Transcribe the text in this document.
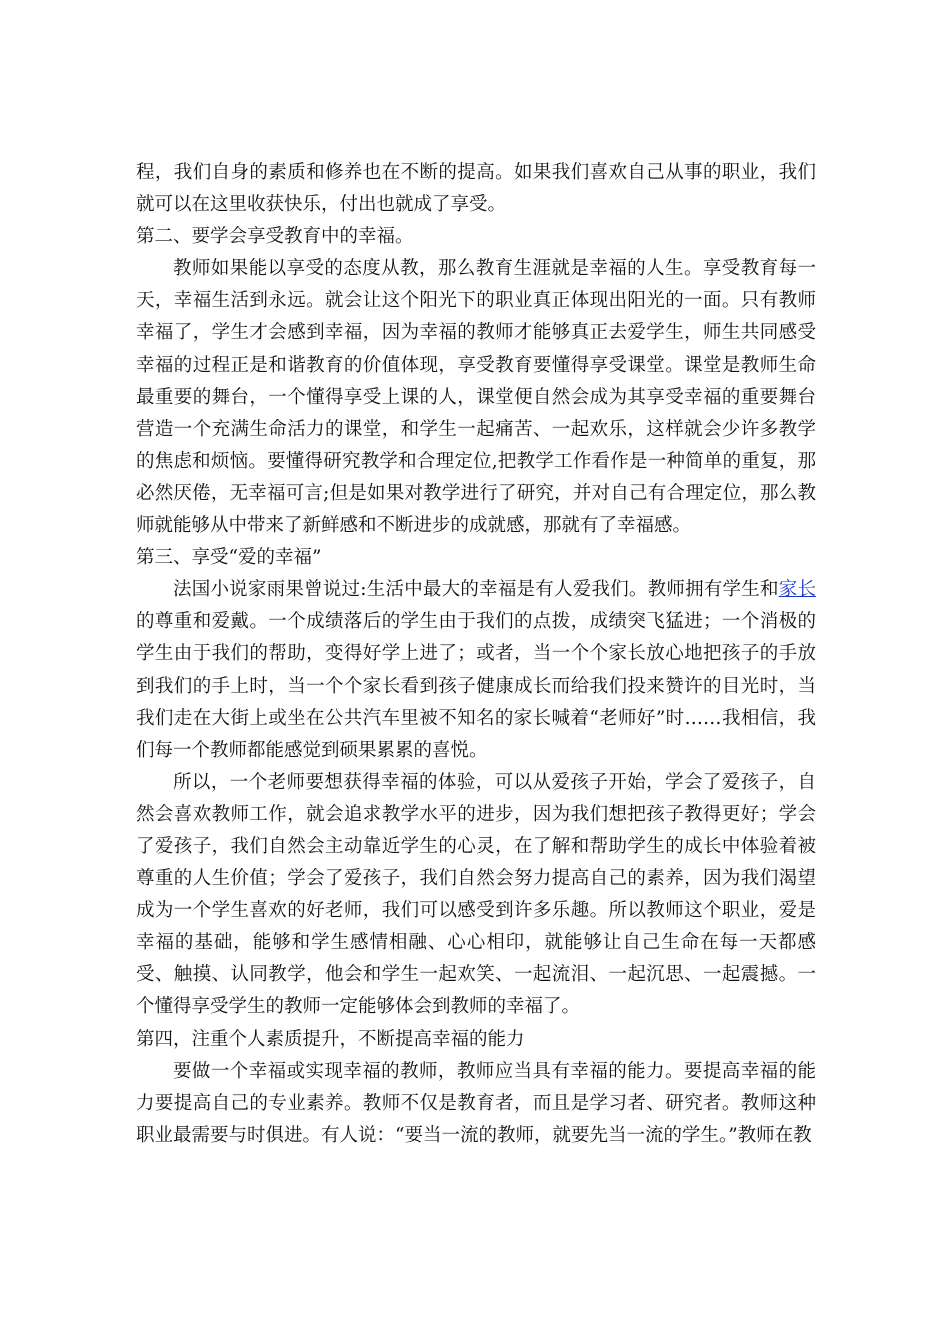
程，我们自身的素质和修养也在不断的提高。如果我们喜欢自己从事的职业，我们就可以在这里收获快乐，付出也就成了享受。

第二、要学会享受教育中的幸福。

教师如果能以享受的态度从教，那么教育生涯就是幸福的人生。享受教育每一天，幸福生活到永远。就会让这个阳光下的职业真正体现出阳光的一面。只有教师幸福了，学生才会感到幸福，因为幸福的教师才能够真正去爱学生，师生共同感受幸福的过程正是和谐教育的价值体现，享受教育要懂得享受课堂。课堂是教师生命最重要的舞台，一个懂得享受上课的人，课堂便自然会成为其享受幸福的重要舞台营造一个充满生命活力的课堂，和学生一起痛苦、一起欢乐，这样就会少许多教学的焦虑和烦恼。要懂得研究教学和合理定位,把教学工作看作是一种简单的重复，那必然厌倦，无幸福可言;但是如果对教学进行了研究，并对自己有合理定位，那么教师就能够从中带来了新鲜感和不断进步的成就感，那就有了幸福感。

第三、享受“爱的幸福”

法国小说家雨果曾说过:生活中最大的幸福是有人爱我们。教师拥有学生和家长的尊重和爱戴。一个成绩落后的学生由于我们的点拨，成绩突飞猛进；一个消极的学生由于我们的帮助，变得好学上进了；或者，当一个个家长放心地把孩子的手放到我们的手上时，当一个个家长看到孩子健康成长而给我们投来赞许的目光时，当我们走在大街上或坐在公共汽车里被不知名的家长喊着“老师好”时……我相信，我们每一个教师都能感觉到硕果累累的喜悦。

所以，一个老师要想获得幸福的体验，可以从爱孩子开始，学会了爱孩子，自然会喜欢教师工作，就会追求教学水平的进步，因为我们想把孩子教得更好；学会了爱孩子，我们自然会主动靠近学生的心灵，在了解和帮助学生的成长中体验着被尊重的人生价值；学会了爱孩子，我们自然会努力提高自己的素养，因为我们渴望成为一个学生喜欢的好老师，我们可以感受到许多乐趣。所以教师这个职业，爱是幸福的基础，能够和学生感情相融、心心相印，就能够让自己生命在每一天都感受、触摸、认同教学，他会和学生一起欢笑、一起流泪、一起沉思、一起震撼。一个懂得享受学生的教师一定能够体会到教师的幸福了。

第四，注重个人素质提升，不断提高幸福的能力

要做一个幸福或实现幸福的教师，教师应当具有幸福的能力。要提高幸福的能力要提高自己的专业素养。教师不仅是教育者，而且是学习者、研究者。教师这种职业最需要与时俱进。有人说：“要当一流的教师，就要先当一流的学生。”教师在教
